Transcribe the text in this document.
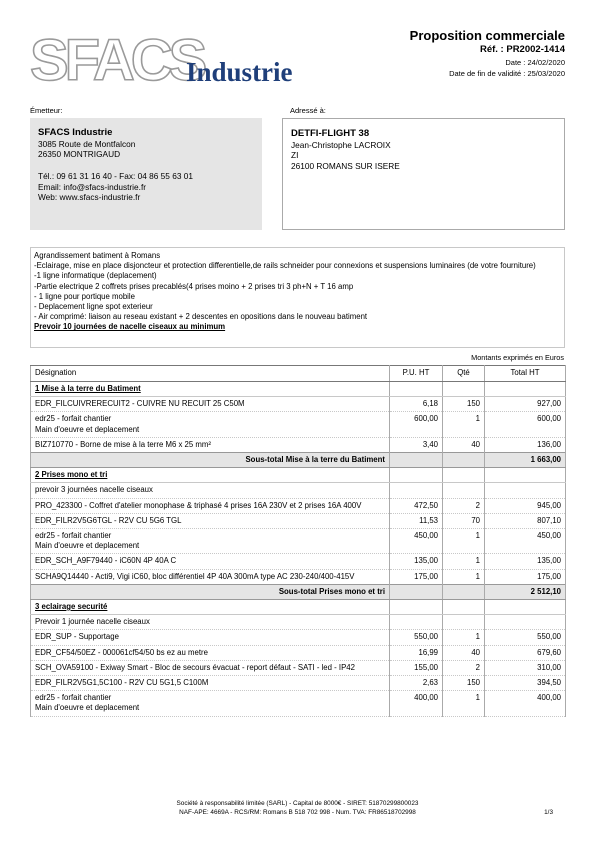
SFACS
Industrie
Proposition commerciale
Réf. : PR2002-1414
Date : 24/02/2020
Date de fin de validité : 25/03/2020
Émetteur:	Adressé à:
SFACS Industrie
3085 Route de Montfalcon
26350 MONTRIGAUD
Tél.: 09 61 31 16 40 - Fax: 04 86 55 63 01
Email: info@sfacs-industrie.fr
Web: www.sfacs-industrie.fr
DETFI-FLIGHT 38
Jean-Christophe LACROIX
ZI
26100 ROMANS SUR ISERE
Agrandissement batiment à Romans
-Eclairage, mise en place disjoncteur et protection differentielle,de rails schneider pour connexions et suspensions luminaires (de votre fourniture)
-1 ligne informatique (deplacement)
-Partie electrique 2 coffrets prises precablés(4 prises moino + 2 prises tri 3 ph+N + T 16 amp
- 1 ligne pour portique mobile
- Deplacement ligne spot exterieur
- Air comprimé: liaison au reseau existant + 2 descentes en opositions dans le nouveau batiment
Prevoir 10 journées de nacelle ciseaux au minimum
Montants exprimés en Euros
Désignation	P.U. HT	Qté	Total HT
1 Mise à la terre du Batiment			

EDR_FILCUIVRERECUIT2 - CUIVRE NU RECUIT 25 C50M	6,18	150	927,00

edr25 - forfait chantier
Main d'oeuvre et deplacement	600,00	1	600,00

BIZ710770 - Borne de mise à la terre M6 x 25 mm²	3,40	40	136,00
Sous-total Mise à la terre du Batiment			1 663,00
2 Prises mono et tri			
prevoir 3 journées nacelle ciseaux			

PRO_423300 - Coffret d'atelier monophase & triphasé 4 prises 16A 230V et 2 prises 16A 400V	472,50	2	945,00

EDR_FILR2V5G6TGL - R2V CU 5G6 TGL	11,53	70	807,10

edr25 - forfait chantier
Main d'oeuvre et deplacement	450,00	1	450,00

EDR_SCH_A9F79440 - iC60N 4P 40A C	135,00	1	135,00

SCHA9Q14440 - Acti9, Vigi iC60, bloc différentiel 4P 40A 300mA type AC 230-240/400-415V	175,00	1	175,00
Sous-total Prises mono et tri			2 512,10
3 eclairage securité			
Prevoir 1 journée nacelle ciseaux			

EDR_SUP - Supportage	550,00	1	550,00

EDR_CF54/50EZ - 000061cf54/50 bs ez au metre	16,99	40	679,60

SCH_OVA59100 - Exiway Smart - Bloc de secours évacuat - report défaut - SATI - led - IP42	155,00	2	310,00

EDR_FILR2V5G1,5C100 - R2V CU 5G1,5 C100M	2,63	150	394,50

edr25 - forfait chantier
Main d'oeuvre et deplacement	400,00	1	400,00
Société à responsabilité limitée (SARL) - Capital de 8000€ - SIRET: 51870299800023
NAF-APE: 4669A - RCS/RM: Romans B 518 702 998 - Num. TVA: FR86518702998	1/3
